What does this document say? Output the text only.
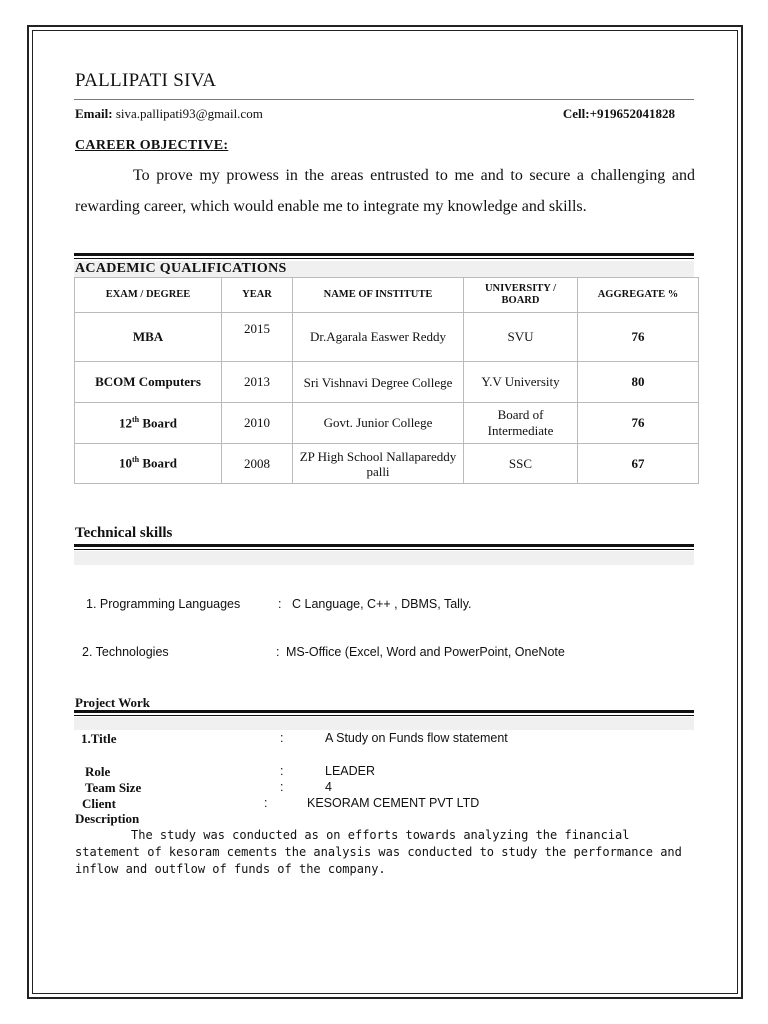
PALLIPATI SIVA
Email: siva.pallipati93@gmail.com	Cell:+919652041828
CAREER OBJECTIVE:
To prove my prowess in the areas entrusted to me and to secure a challenging and rewarding career, which would enable me to integrate my knowledge and skills.
ACADEMIC QUALIFICATIONS
EXAM / DEGREE	YEAR	NAME OF INSTITUTE	UNIVERSITY / BOARD	AGGREGATE %
MBA	2015	Dr.Agarala Easwer Reddy	SVU	76
BCOM Computers	2013	Sri Vishnavi Degree College	Y.V University	80
12th Board	2010	Govt. Junior College	Board of Intermediate	76
10th Board	2008	ZP High School Nallapareddy palli	SSC	67
Technical skills
1. Programming Languages	: C Language, C++ , DBMS, Tally.
2. Technologies	: MS-Office (Excel, Word and PowerPoint, OneNote
Project Work
1.Title	:	A Study on Funds flow statement
Role	:	LEADER
Team Size	:	4
Client	:	KESORAM CEMENT PVT LTD
Description
The study was conducted as on efforts towards analyzing the financial statement of kesoram cements the analysis was conducted to study the performance and inflow and outflow of funds of the company.
